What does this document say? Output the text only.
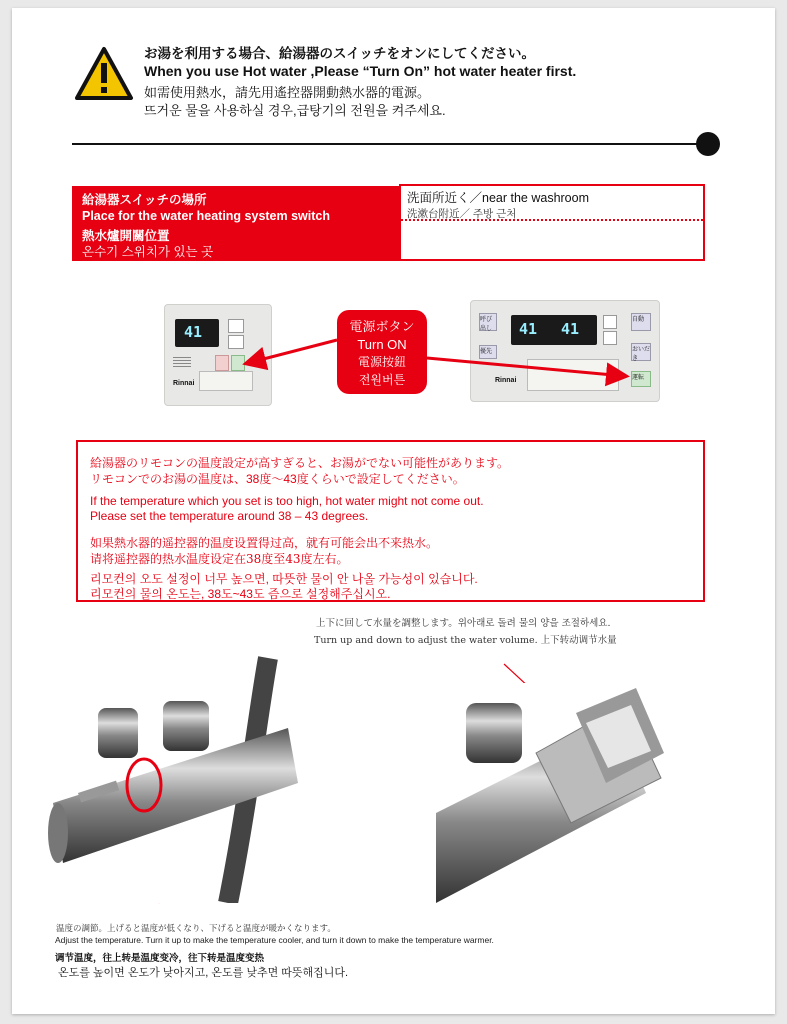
お湯を利用する場合、給湯器のスイッチをオンにしてください。
When you use Hot water ,Please “Turn On” hot water heater first.
如需使用熱水，請先用遙控器開動熱水器的電源。
뜨거운 물을 사용하실 경우,급탕기의 전원을 켜주세요.
給湯器スイッチの場所
Place for the water heating system switch
熱水爐開關位置
온수기 스위치가 있는 곳
洗面所近く／near the washroom
洗漱台附近／ 주방 근처
41
Rinnai
電源ボタン
Turn ON
電源按鈕
전원버튼
呼び出し
優先
41 41	自動
おいだき
運転
Rinnai
給湯器のリモコンの温度設定が高すぎると、お湯がでない可能性があります。
リモコンでのお湯の温度は、38度～43度くらいで設定してください。
If the temperature which you set is too high, hot water might not come out.
Please set the temperature around 38 – 43 degrees.
如果熱水器的遥控器的温度设置得过高，就有可能会出不来热水。
请将遥控器的热水温度设定在38度至43度左右。
리모컨의 오도 설정이 너무 높으면, 따뜻한 물이 안 나올 가능성이 있습니다.
리모컨의 물의 온도는, 38도~43도 즘으로 설정해주십시오.
上下に回して水量を調整します。위아래로 돌려 물의 양을 조절하세요.
Turn up and down to adjust the water volume. 上下转动调节水量
温度の調節。上げると温度が低くなり、下げると温度が暖かくなります。
Adjust the temperature. Turn it up to make the temperature cooler, and turn it down to make the temperature warmer.
调节温度，往上转是温度变冷，往下转是温度变热
온도를 높이면 온도가 낮아지고, 온도를 낮추면 따뜻해집니다.
